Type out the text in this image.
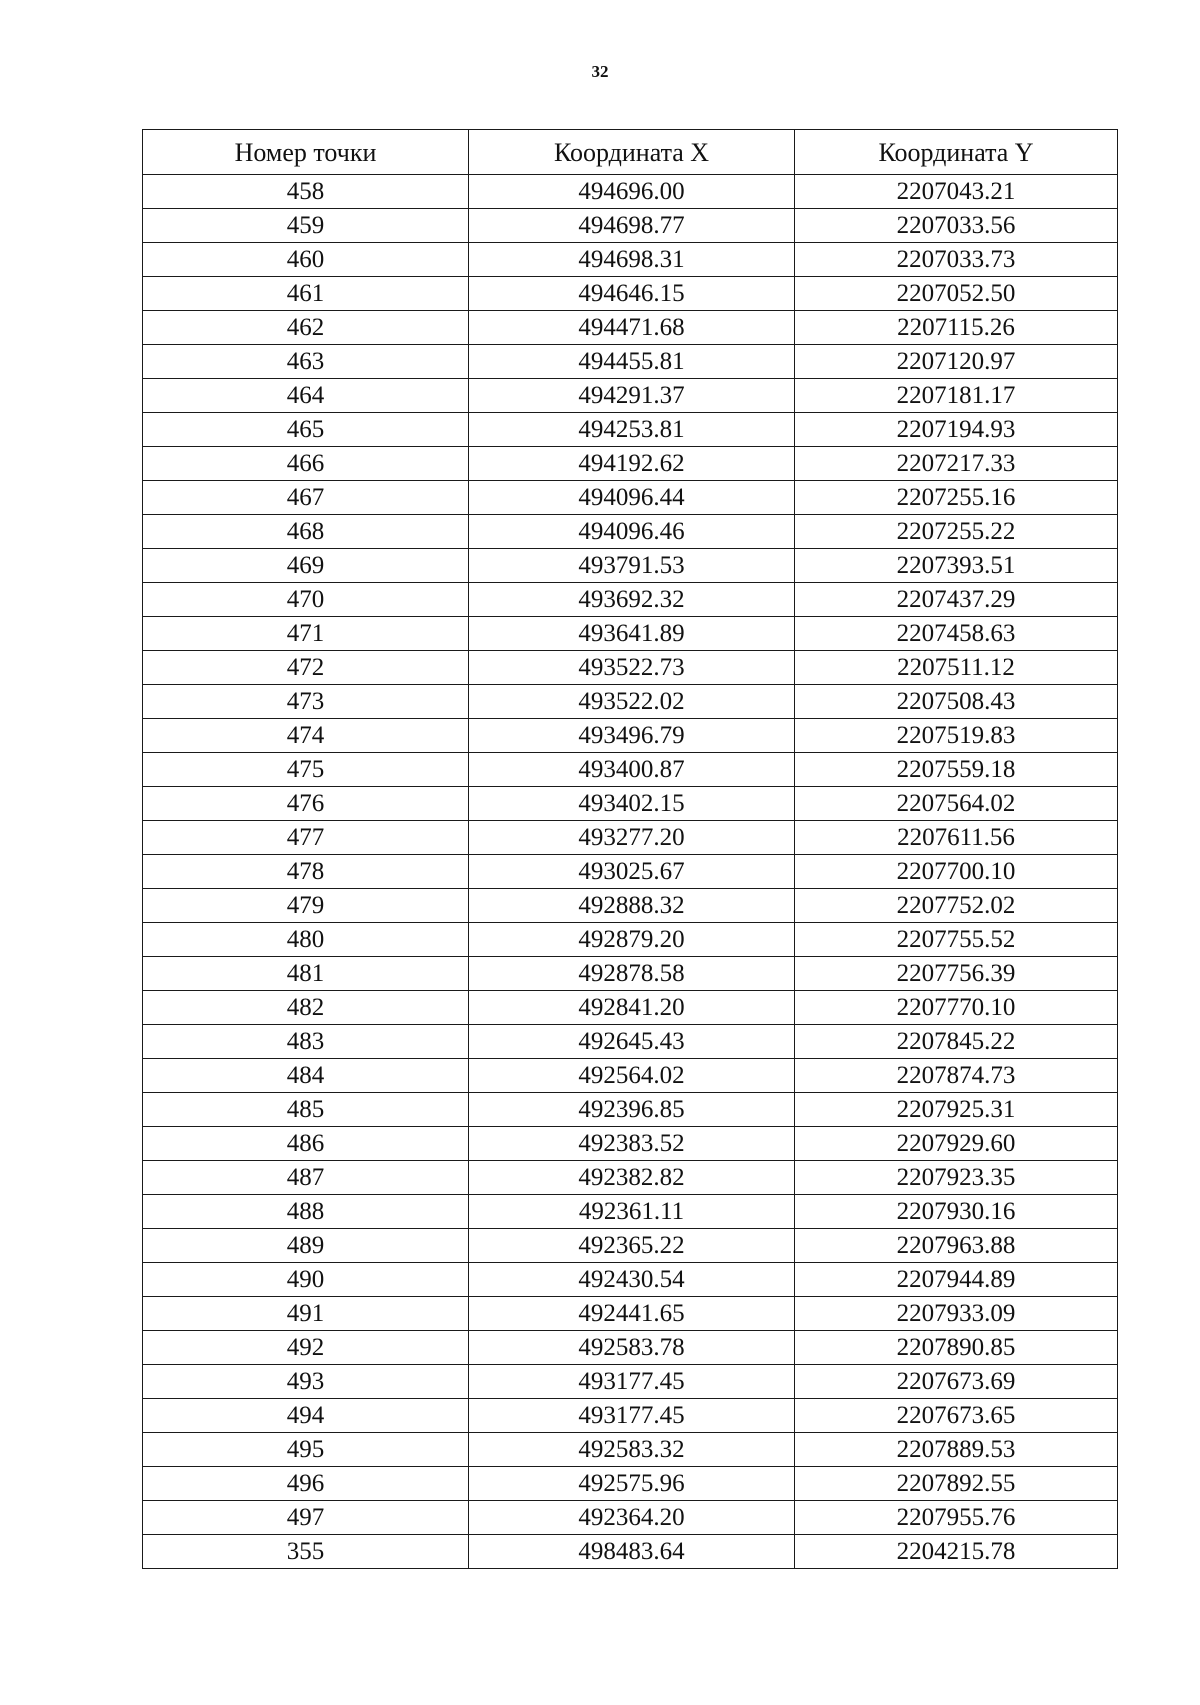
32
Номер точки	Координата X	Координата Y
458	494696.00	2207043.21
459	494698.77	2207033.56
460	494698.31	2207033.73
461	494646.15	2207052.50
462	494471.68	2207115.26
463	494455.81	2207120.97
464	494291.37	2207181.17
465	494253.81	2207194.93
466	494192.62	2207217.33
467	494096.44	2207255.16
468	494096.46	2207255.22
469	493791.53	2207393.51
470	493692.32	2207437.29
471	493641.89	2207458.63
472	493522.73	2207511.12
473	493522.02	2207508.43
474	493496.79	2207519.83
475	493400.87	2207559.18
476	493402.15	2207564.02
477	493277.20	2207611.56
478	493025.67	2207700.10
479	492888.32	2207752.02
480	492879.20	2207755.52
481	492878.58	2207756.39
482	492841.20	2207770.10
483	492645.43	2207845.22
484	492564.02	2207874.73
485	492396.85	2207925.31
486	492383.52	2207929.60
487	492382.82	2207923.35
488	492361.11	2207930.16
489	492365.22	2207963.88
490	492430.54	2207944.89
491	492441.65	2207933.09
492	492583.78	2207890.85
493	493177.45	2207673.69
494	493177.45	2207673.65
495	492583.32	2207889.53
496	492575.96	2207892.55
497	492364.20	2207955.76
355	498483.64	2204215.78
